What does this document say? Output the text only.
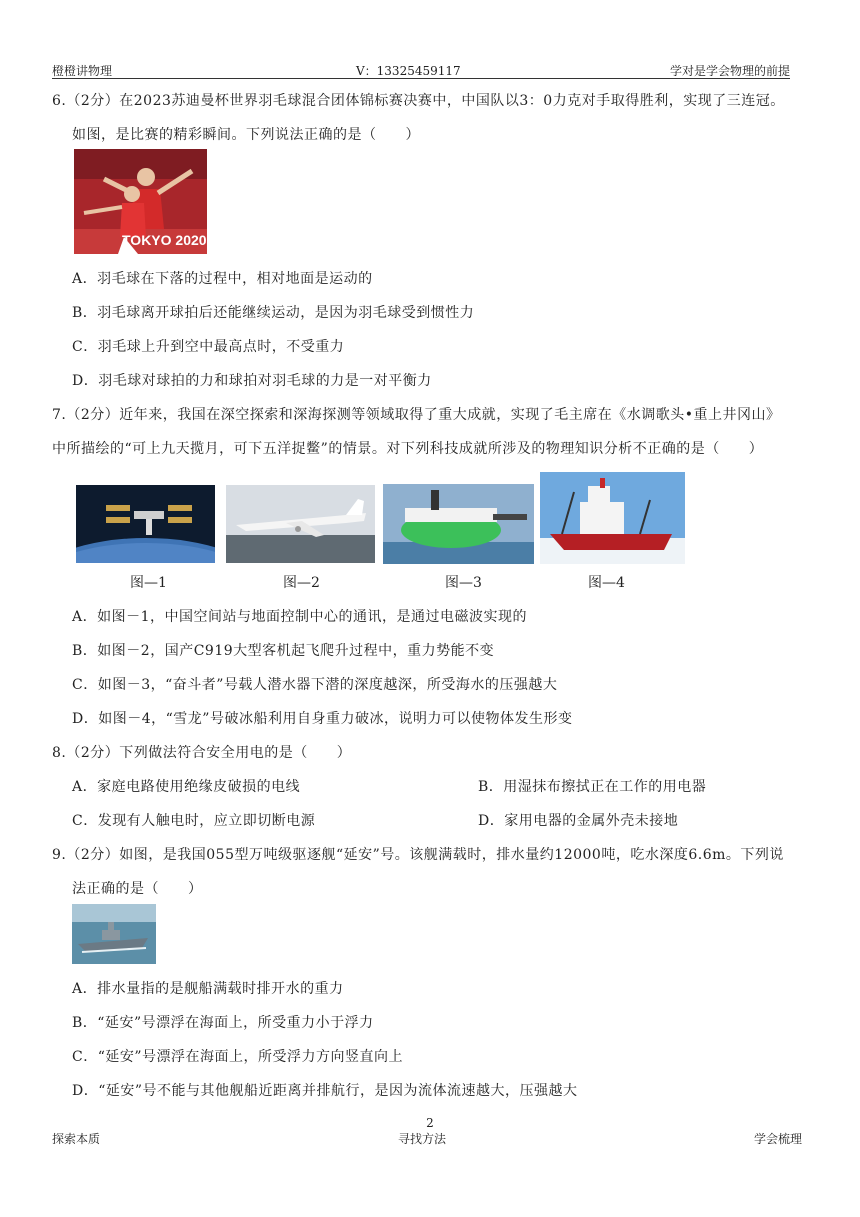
橙橙讲物理	V：13325459117	学对是学会物理的前提
6.（2分）在2023苏迪曼杯世界羽毛球混合团体锦标赛决赛中，中国队以3：0力克对手取得胜利，实现了三连冠。
如图，是比赛的精彩瞬间。下列说法正确的是（　　）
TOKYO 2020
A．羽毛球在下落的过程中，相对地面是运动的
B．羽毛球离开球拍后还能继续运动，是因为羽毛球受到惯性力
C．羽毛球上升到空中最高点时，不受重力
D．羽毛球对球拍的力和球拍对羽毛球的力是一对平衡力
7.（2分）近年来，我国在深空探索和深海探测等领域取得了重大成就，实现了毛主席在《水调歌头•重上井冈山》
中所描绘的“可上九天揽月，可下五洋捉鳖”的情景。对下列科技成就所涉及的物理知识分析不正确的是（　　）
图—1	图—2	图—3	图—4
A．如图－1，中国空间站与地面控制中心的通讯，是通过电磁波实现的
B．如图－2，国产C919大型客机起飞爬升过程中，重力势能不变
C．如图－3，“奋斗者”号载人潜水器下潜的深度越深，所受海水的压强越大
D．如图－4，“雪龙”号破冰船利用自身重力破冰，说明力可以使物体发生形变
8.（2分）下列做法符合安全用电的是（　　）
A．家庭电路使用绝缘皮破损的电线	B．用湿抹布擦拭正在工作的用电器
C．发现有人触电时，应立即切断电源	D．家用电器的金属外壳未接地
9.（2分）如图，是我国055型万吨级驱逐舰“延安”号。该舰满载时，排水量约12000吨，吃水深度6.6m。下列说
法正确的是（　　）
A．排水量指的是舰船满载时排开水的重力
B．“延安”号漂浮在海面上，所受重力小于浮力
C．“延安”号漂浮在海面上，所受浮力方向竖直向上
D．“延安”号不能与其他舰船近距离并排航行，是因为流体流速越大，压强越大
2
探索本质	寻找方法	学会梳理
